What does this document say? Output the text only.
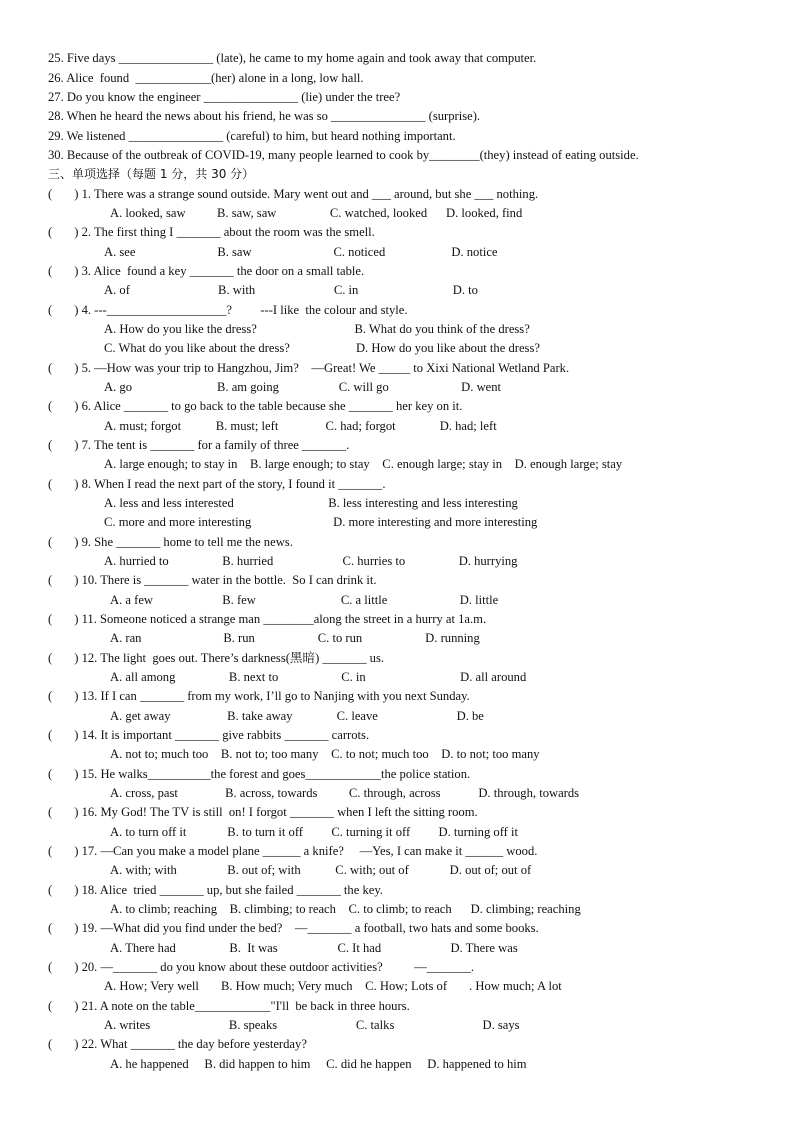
25. Five days _______________ (late), he came to my home again and took away that computer.
26. Alice  found  ____________(her) alone in a long, low hall.
27. Do you know the engineer _______________ (lie) under the tree?
28. When he heard the news about his friend, he was so _______________ (surprise).
29. We listened _______________ (careful) to him, but heard nothing important.
30. Because of the outbreak of COVID-19, many people learned to cook by________(they) instead of eating outside.
三、单项选择（每题 1 分，共 30 分）
(       ) 1. There was a strange sound outside. Mary went out and ___ around, but she ___ nothing.
A. looked, saw          B. saw, saw                 C. watched, looked      D. looked, find
(       ) 2. The first thing I _______ about the room was the smell.
A. see                          B. saw                          C. noticed                     D. notice
(       ) 3. Alice  found a key _______ the door on a small table.
A. of                            B. with                         C. in                              D. to
(       ) 4. ---___________________?         ---I like  the colour and style.
A. How do you like the dress?                               B. What do you think of the dress?
C. What do you like about the dress?                     D. How do you like about the dress?
(       ) 5. —How was your trip to Hangzhou, Jim?    —Great! We _____ to Xixi National Wetland Park.
A. go                           B. am going                   C. will go                       D. went
(       ) 6. Alice _______ to go back to the table because she _______ her key on it.
A. must; forgot           B. must; left               C. had; forgot              D. had; left
(       ) 7. The tent is _______ for a family of three _______.
A. large enough; to stay in    B. large enough; to stay    C. enough large; stay in    D. enough large; stay
(       ) 8. When I read the next part of the story, I found it _______.
A. less and less interested                              B. less interesting and less interesting
C. more and more interesting                          D. more interesting and more interesting
(       ) 9. She _______ home to tell me the news.
A. hurried to                 B. hurried                      C. hurries to                 D. hurrying
(       ) 10. There is _______ water in the bottle.  So I can drink it.
A. a few                      B. few                           C. a little                       D. little
(       ) 11. Someone noticed a strange man ________along the street in a hurry at 1a.m.
A. ran                          B. run                    C. to run                    D. running
(       ) 12. The light  goes out. There’s darkness(黑暗) _______ us.
A. all among                 B. next to                    C. in                              D. all around
(       ) 13. If I can _______ from my work, I’ll go to Nanjing with you next Sunday.
A. get away                  B. take away              C. leave                         D. be
(       ) 14. It is important _______ give rabbits _______ carrots.
A. not to; much too    B. not to; too many    C. to not; much too    D. to not; too many
(       ) 15. He walks__________the forest and goes____________the police station.
A. cross, past               B. across, towards          C. through, across            D. through, towards
(       ) 16. My God! The TV is still  on! I forgot _______ when I left the sitting room.
A. to turn off it             B. to turn it off         C. turning it off         D. turning off it
(       ) 17. —Can you make a model plane ______ a knife?     —Yes, I can make it ______ wood.
A. with; with                B. out of; with           C. with; out of             D. out of; out of
(       ) 18. Alice  tried _______ up, but she failed _______ the key.
A. to climb; reaching    B. climbing; to reach    C. to climb; to reach      D. climbing; reaching
(       ) 19. —What did you find under the bed?    —_______ a football, two hats and some books.
A. There had                 B.  It was                   C. It had                      D. There was
(       ) 20. —_______ do you know about these outdoor activities?          —_______.
A. How; Very well       B. How much; Very much    C. How; Lots of       . How much; A lot
(       ) 21. A note on the table____________"I'll  be back in three hours.
A. writes                         B. speaks                         C. talks                            D. says
(       ) 22. What _______ the day before yesterday?
A. he happened     B. did happen to him     C. did he happen     D. happened to him
